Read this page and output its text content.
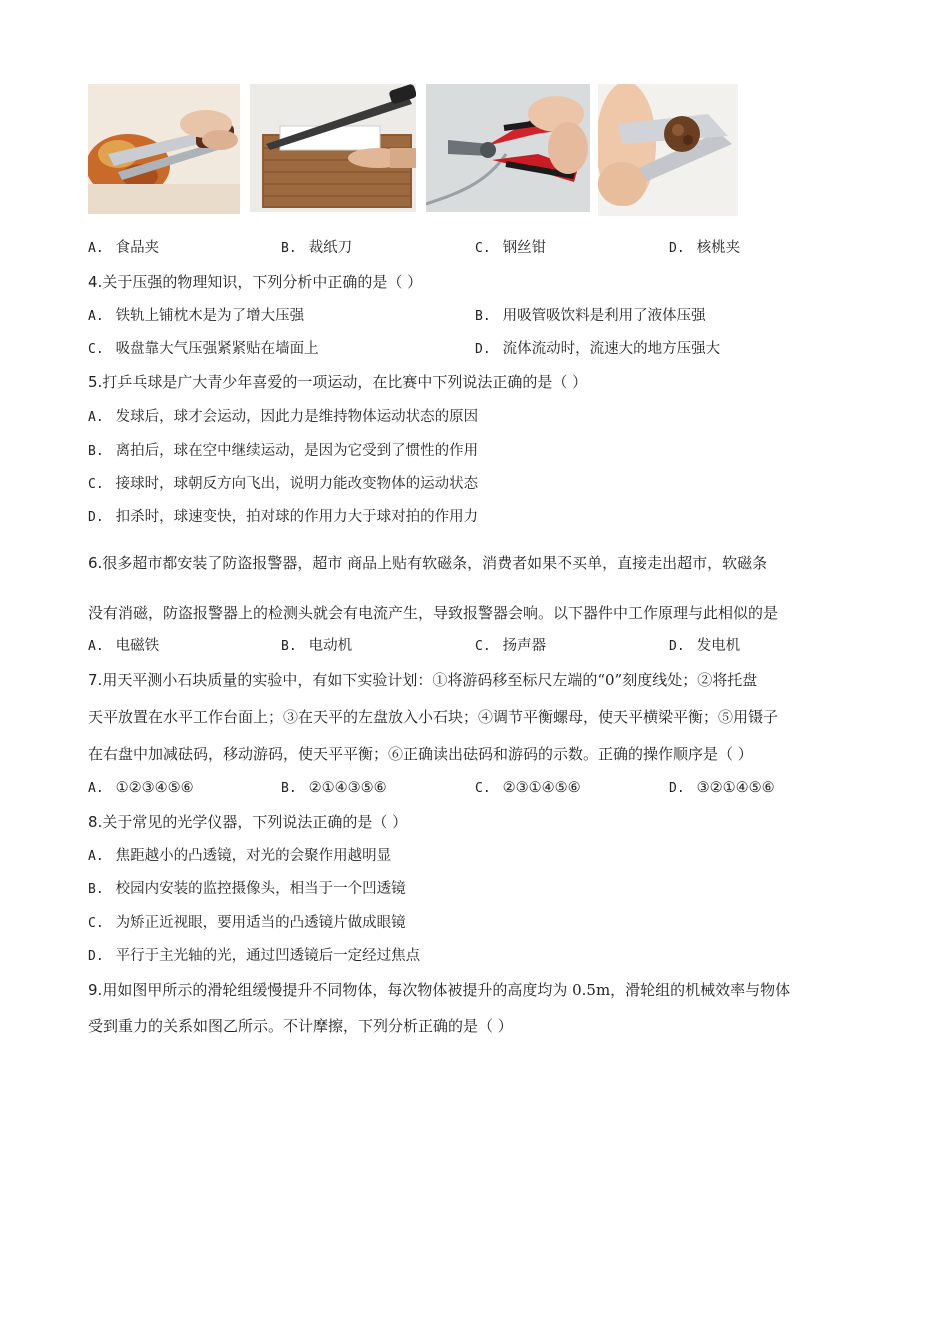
A. 食品夹	B. 裁纸刀	C. 钢丝钳	D. 核桃夹
4.关于压强的物理知识，下列分析中正确的是（ ）
A. 铁轨上铺枕木是为了增大压强	B. 用吸管吸饮料是利用了液体压强
C. 吸盘靠大气压强紧紧贴在墙面上	D. 流体流动时，流速大的地方压强大
5.打乒乓球是广大青少年喜爱的一项运动，在比赛中下列说法正确的是（ ）
A. 发球后，球才会运动，因此力是维持物体运动状态的原因
B. 离拍后，球在空中继续运动，是因为它受到了惯性的作用
C. 接球时，球朝反方向飞出，说明力能改变物体的运动状态
D. 扣杀时，球速变快，拍对球的作用力大于球对拍的作用力
6.很多超市都安装了防盗报警器，超市 商品上贴有软磁条，消费者如果不买单，直接走出超市，软磁条
没有消磁，防盗报警器上的检测头就会有电流产生，导致报警器会响。以下器件中工作原理与此相似的是
A. 电磁铁	B. 电动机	C. 扬声器	D. 发电机
7.用天平测小石块质量的实验中，有如下实验计划：①将游码移至标尺左端的“0”刻度线处；②将托盘
天平放置在水平工作台面上；③在天平的左盘放入小石块；④调节平衡螺母，使天平横梁平衡；⑤用镊子
在右盘中加减砝码，移动游码，使天平平衡；⑥正确读出砝码和游码的示数。正确的操作顺序是（ ）
A. ①②③④⑤⑥	B. ②①④③⑤⑥	C. ②③①④⑤⑥	D. ③②①④⑤⑥
8.关于常见的光学仪器，下列说法正确的是（ ）
A. 焦距越小的凸透镜，对光的会聚作用越明显
B. 校园内安装的监控摄像头，相当于一个凹透镜
C. 为矫正近视眼，要用适当的凸透镜片做成眼镜
D. 平行于主光轴的光，通过凹透镜后一定经过焦点
9.用如图甲所示的滑轮组缓慢提升不同物体，每次物体被提升的高度均为 0.5m，滑轮组的机械效率与物体
受到重力的关系如图乙所示。不计摩擦，下列分析正确的是（ ）
